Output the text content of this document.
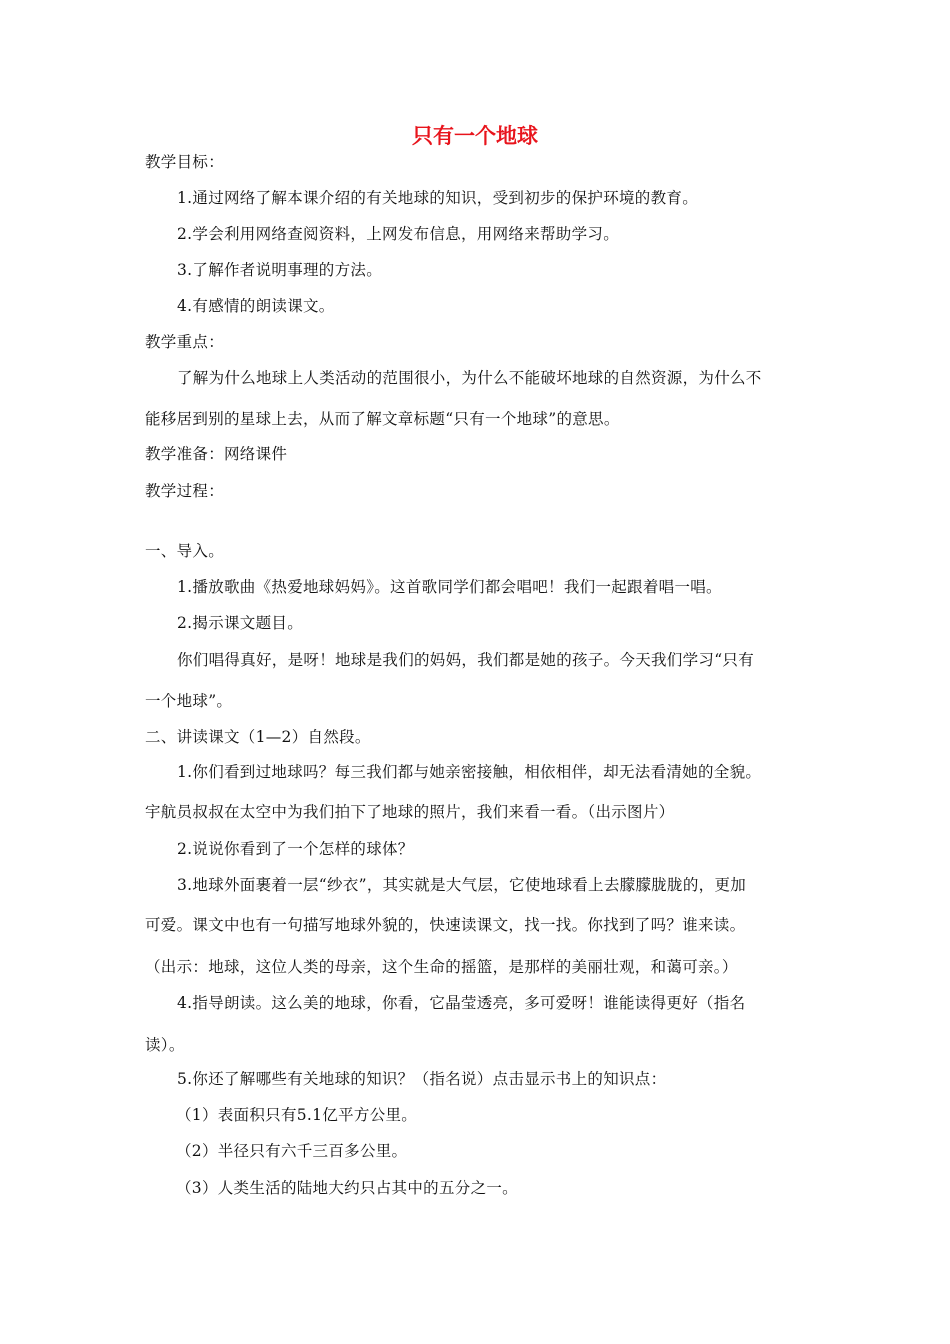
只有一个地球
教学目标：
1.通过网络了解本课介绍的有关地球的知识，受到初步的保护环境的教育。
2.学会利用网络查阅资料，上网发布信息，用网络来帮助学习。
3.了解作者说明事理的方法。
4.有感情的朗读课文。
教学重点：
了解为什么地球上人类活动的范围很小，为什么不能破坏地球的自然资源，为什么不
能移居到别的星球上去，从而了解文章标题“只有一个地球”的意思。
教学准备：网络课件
教学过程：
一、导入。
1.播放歌曲《热爱地球妈妈》。这首歌同学们都会唱吧！我们一起跟着唱一唱。
2.揭示课文题目。
你们唱得真好，是呀！地球是我们的妈妈，我们都是她的孩子。今天我们学习“只有
一个地球”。
二、讲读课文（1—2）自然段。
1.你们看到过地球吗？每三我们都与她亲密接触，相依相伴，却无法看清她的全貌。
宇航员叔叔在太空中为我们拍下了地球的照片，我们来看一看。（出示图片）
2.说说你看到了一个怎样的球体？
3.地球外面裹着一层“纱衣”，其实就是大气层，它使地球看上去朦朦胧胧的，更加
可爱。课文中也有一句描写地球外貌的，快速读课文，找一找。你找到了吗？谁来读。
（出示：地球，这位人类的母亲，这个生命的摇篮，是那样的美丽壮观，和蔼可亲。）
4.指导朗读。这么美的地球，你看，它晶莹透亮，多可爱呀！谁能读得更好（指名
读）。
5.你还了解哪些有关地球的知识？（指名说）点击显示书上的知识点：
（1）表面积只有5.1亿平方公里。
（2）半径只有六千三百多公里。
（3）人类生活的陆地大约只占其中的五分之一。
